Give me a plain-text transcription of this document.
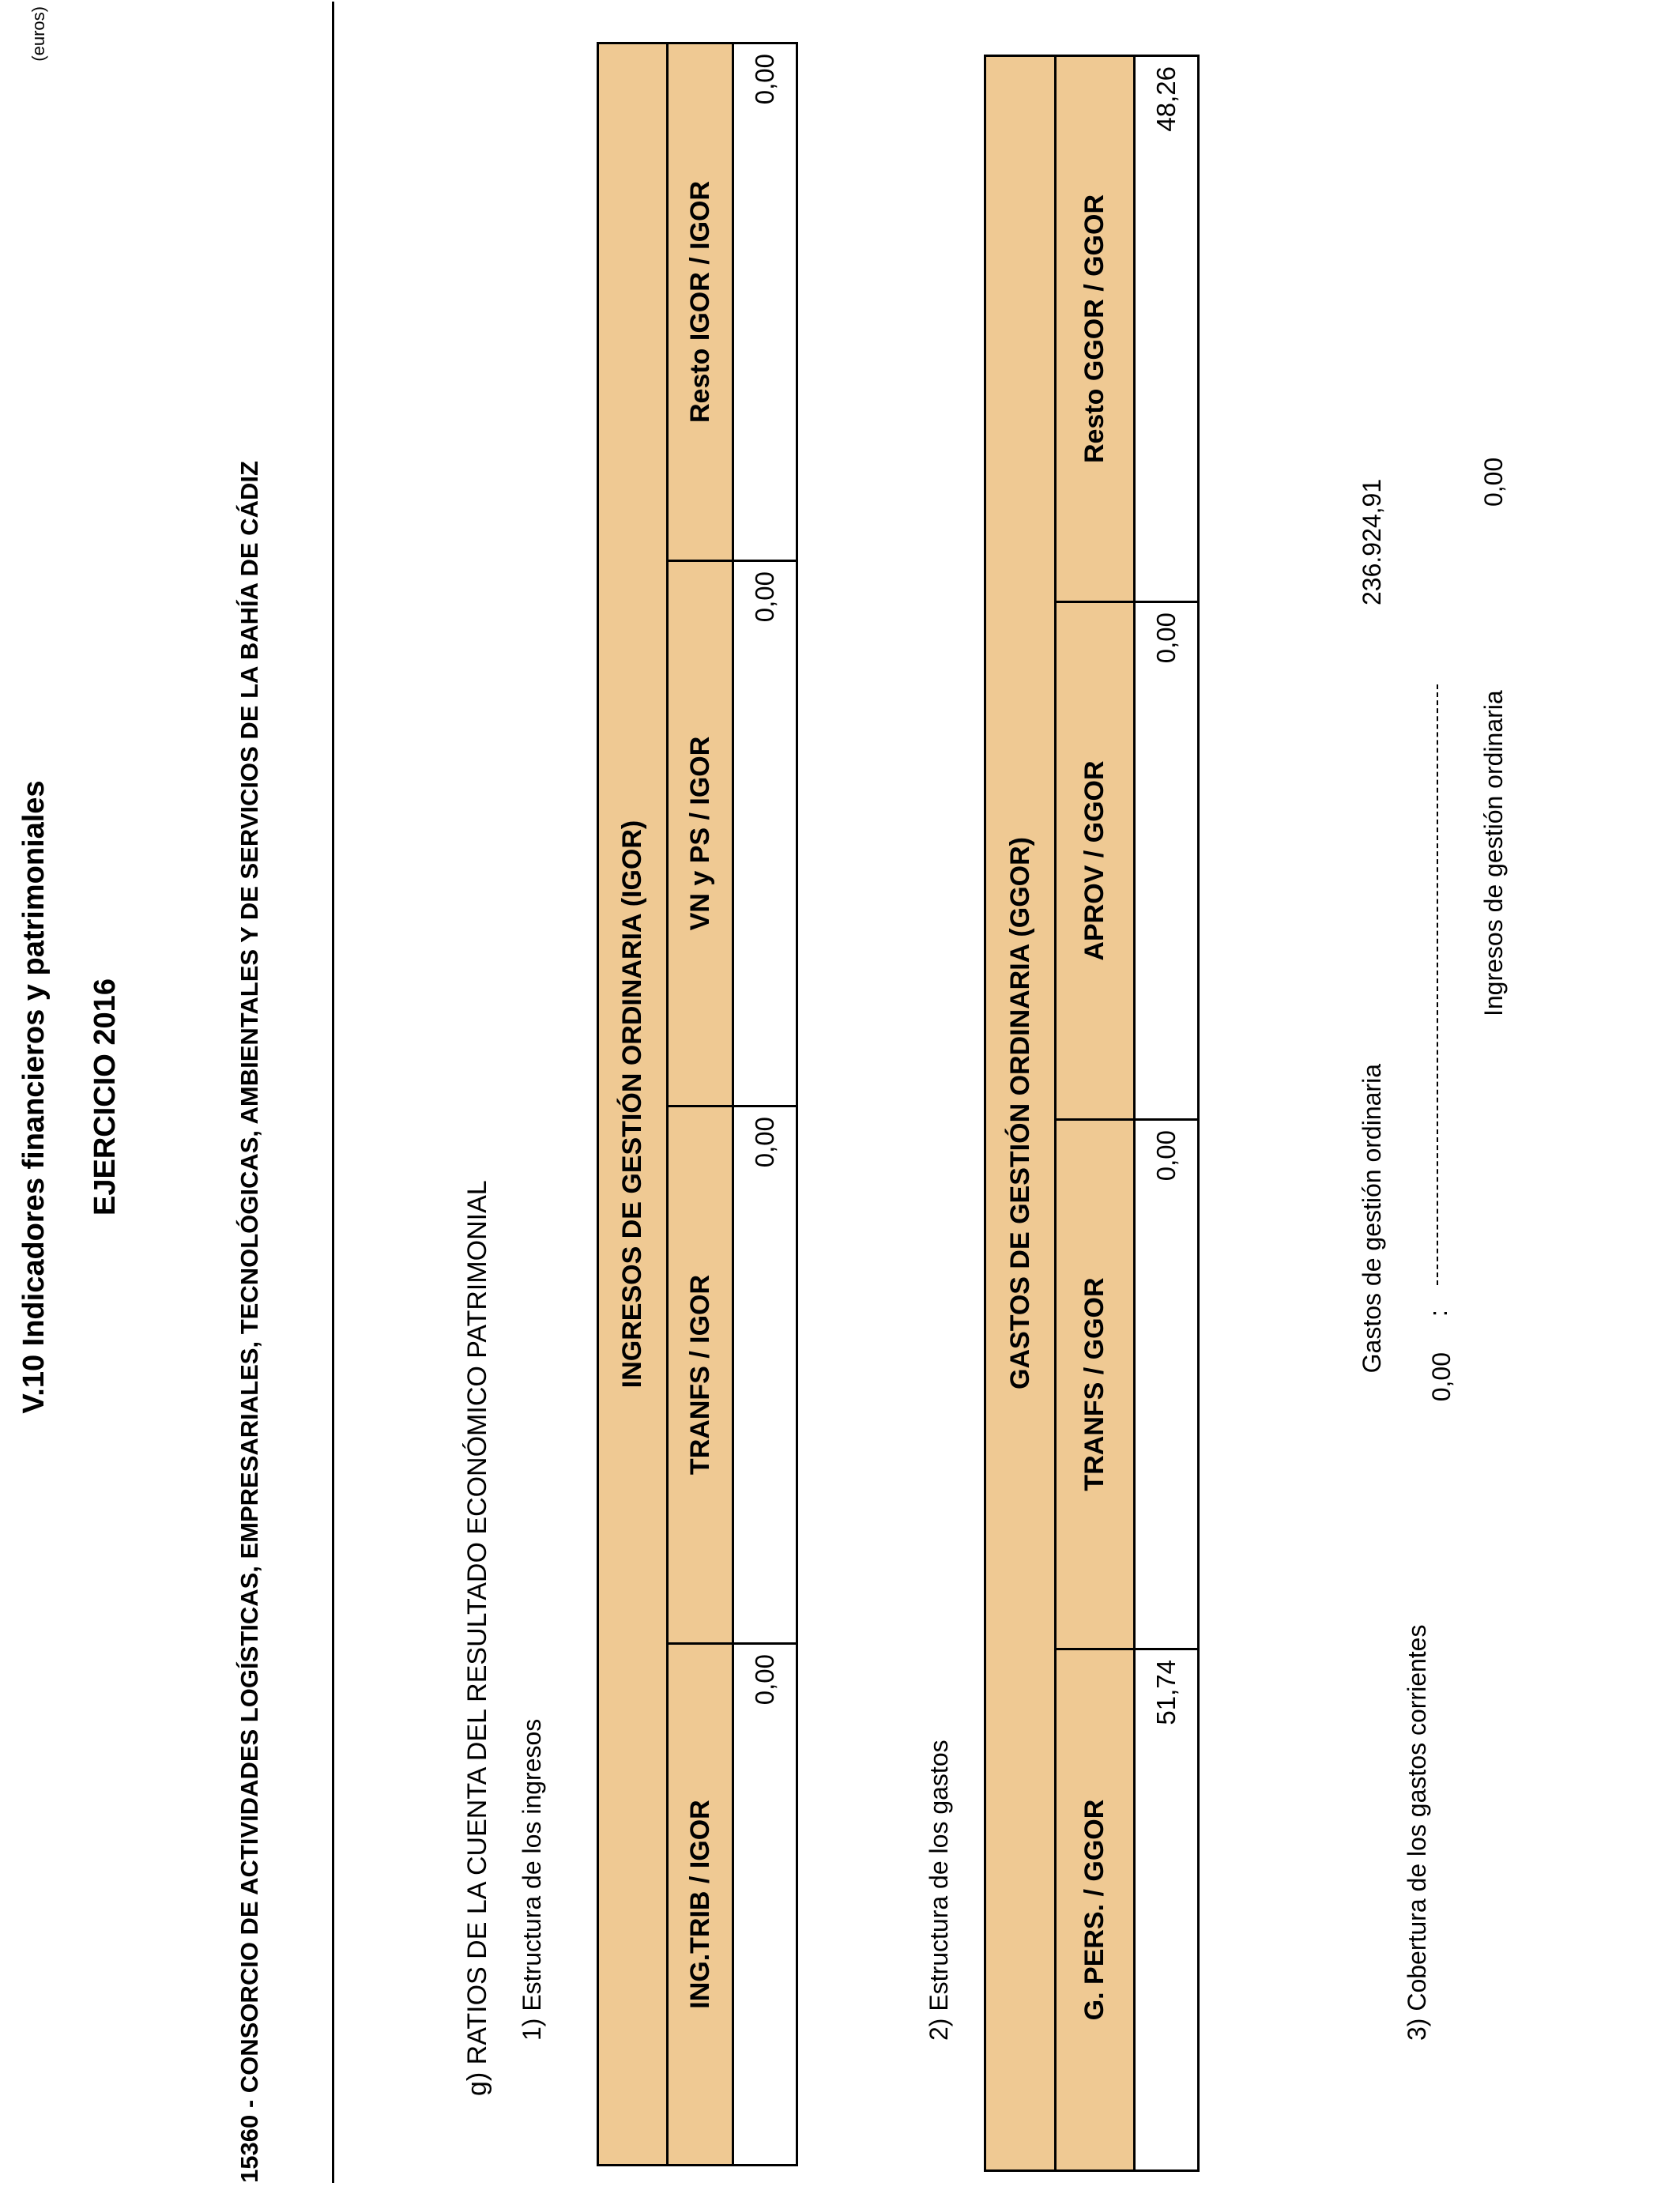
(euros)
V.10 Indicadores financieros y patrimoniales EJERCICIO 2016	15360 - CONSORCIO DE ACTIVIDADES LOGÍSTICAS, EMPRESARIALES, TECNOLÓGICAS, AMBIENTALES Y DE SERVICIOS DE LA BAHÍA DE CÁDIZ	g) RATIOS DE LA CUENTA DEL RESULTADO ECONÓMICO PATRIMONIAL 1) Estructura de los ingresos
INGRESOS DE GESTIÓN ORDINARIA (IGOR)			
ING.TRIB / IGOR	TRANFS / IGOR	VN y PS / IGOR	Resto IGOR / IGOR
0,00	0,00	0,00	0,00
2) Estructura de los gastos
GASTOS DE GESTIÓN ORDINARIA (GGOR)			
G. PERS. / GGOR	TRANFS / GGOR	APROV / GGOR	Resto GGOR / GGOR
51,74	0,00	0,00	48,26
3) Cobertura de los gastos corrientes
0,00
:
Gastos de gestión ordinaria
Ingresos de gestión ordinaria
236.924,91	0,00
